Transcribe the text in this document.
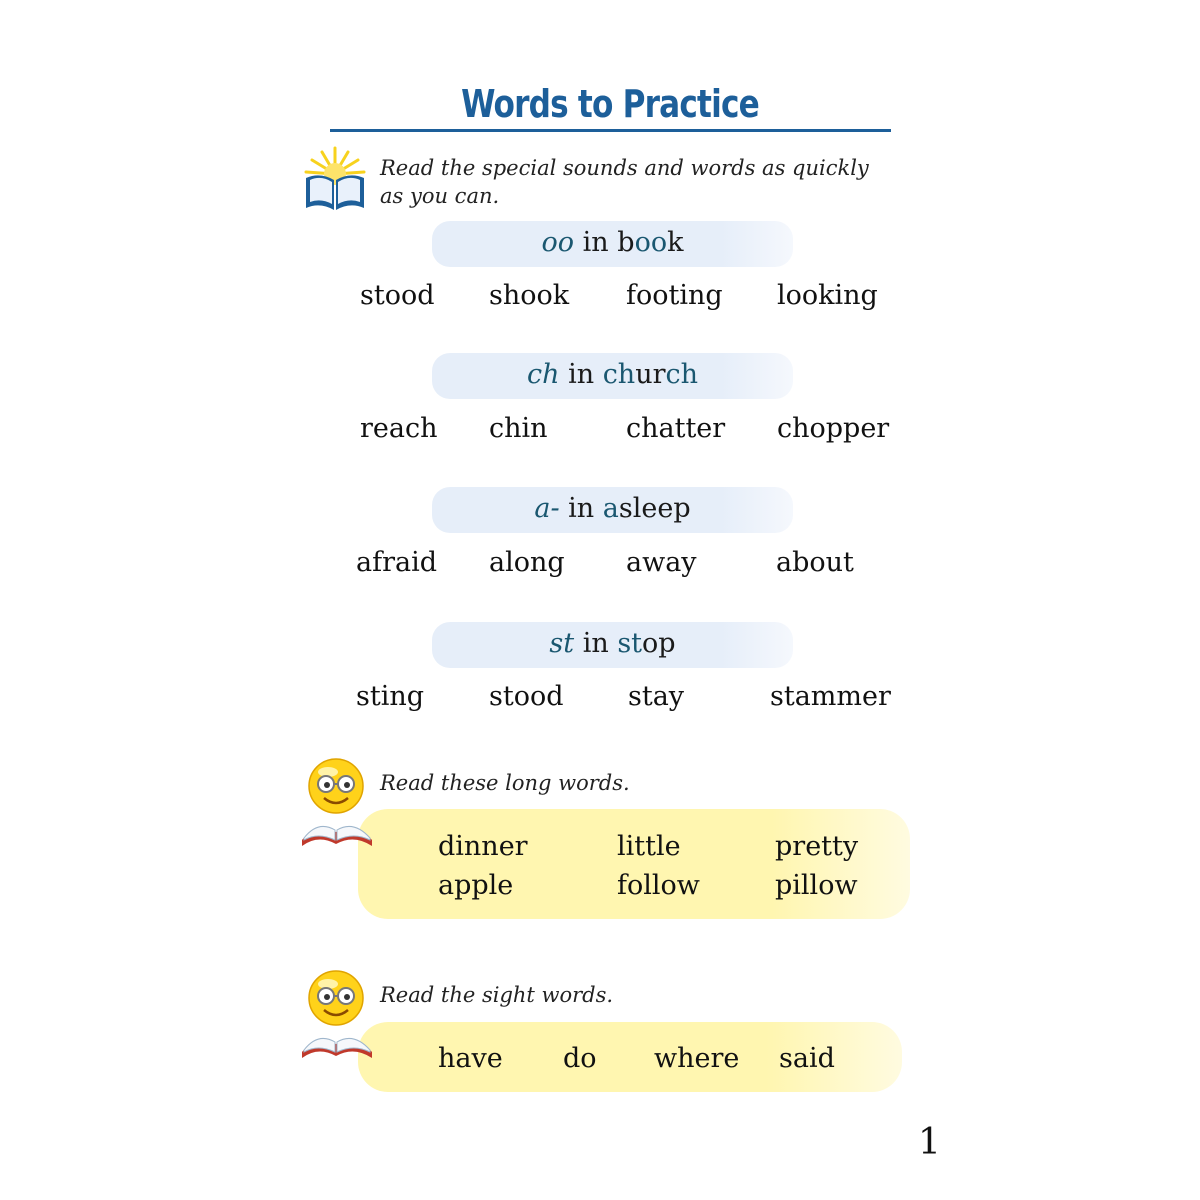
Words to Practice
Read the special sounds and words as quickly
as you can.
oo in book
stood shook footing looking
ch in church
reach chin	chatter chopper
a- in asleep
afraid along away	about
st in stop
sting stood stay	stammer
Read these long words.
dinner	little	pretty
apple	follow	pillow
Read the sight words.
have do where said
1
